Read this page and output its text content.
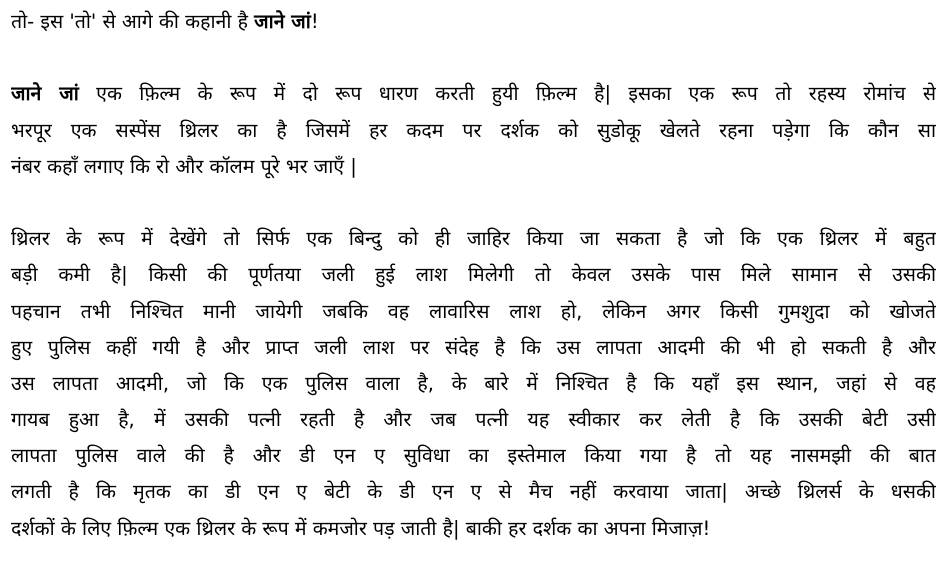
तो- इस 'तो' से आगे की कहानी है जाने जां!
जाने जां एक फ़िल्म के रूप में दो रूप धारण करती हुयी फ़िल्म है| इसका एक रूप तो रहस्य रोमांच से
भरपूर एक सस्पेंस थ्रिलर का है जिसमें हर कदम पर दर्शक को सुडोकू खेलते रहना पड़ेगा कि कौन सा
नंबर कहाँ लगाए कि रो और कॉलम पूरे भर जाएँ |
थ्रिलर के रूप में देखेंगे तो सिर्फ एक बिन्दु को ही जाहिर किया जा सकता है जो कि एक थ्रिलर में बहुत
बड़ी कमी है| किसी की पूर्णतया जली हुई लाश मिलेगी तो केवल उसके पास मिले सामान से उसकी
पहचान तभी निश्चित मानी जायेगी जबकि वह लावारिस लाश हो, लेकिन अगर किसी गुमशुदा को खोजते
हुए पुलिस कहीं गयी है और प्राप्त जली लाश पर संदेह है कि उस लापता आदमी की भी हो सकती है और
उस लापता आदमी, जो कि एक पुलिस वाला है, के बारे में निश्चित है कि यहाँ इस स्थान, जहां से वह
गायब हुआ है, में उसकी पत्नी रहती है और जब पत्नी यह स्वीकार कर लेती है कि उसकी बेटी उसी
लापता पुलिस वाले की है और डी एन ए सुविधा का इस्तेमाल किया गया है तो यह नासमझी की बात
लगती है कि मृतक का डी एन ए बेटी के डी एन ए से मैच नहीं करवाया जाता| अच्छे थ्रिलर्स के धसकी
दर्शकों के लिए फ़िल्म एक थ्रिलर के रूप में कमजोर पड़ जाती है| बाकी हर दर्शक का अपना मिजाज़!
